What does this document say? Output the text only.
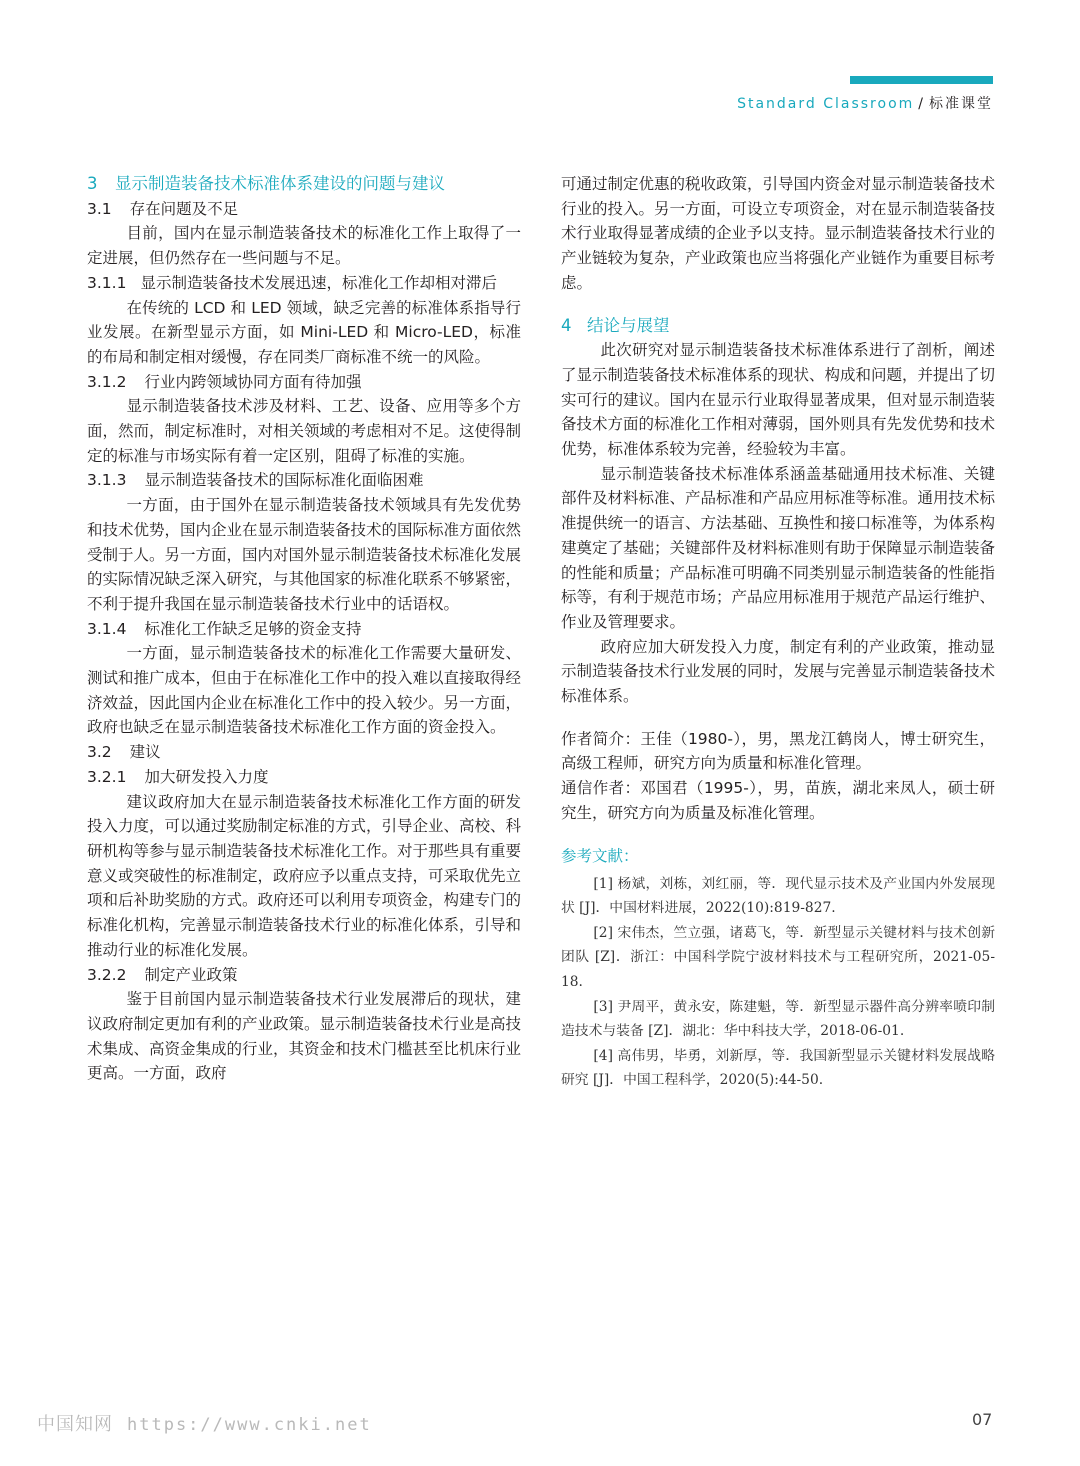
Standard Classroom / 标准课堂

3 显示制造装备技术标准体系建设的问题与建议

3.1 存在问题及不足

目前，国内在显示制造装备技术的标准化工作上取得了一定进展，但仍然存在一些问题与不足。

3.1.1 显示制造装备技术发展迅速，标准化工作却相对滞后

在传统的 LCD 和 LED 领域，缺乏完善的标准体系指导行业发展。在新型显示方面，如 Mini-LED 和 Micro-LED，标准的布局和制定相对缓慢，存在同类厂商标准不统一的风险。

3.1.2 行业内跨领域协同方面有待加强

显示制造装备技术涉及材料、工艺、设备、应用等多个方面，然而，制定标准时，对相关领域的考虑相对不足。这使得制定的标准与市场实际有着一定区别，阻碍了标准的实施。

3.1.3 显示制造装备技术的国际标准化面临困难

一方面，由于国外在显示制造装备技术领域具有先发优势和技术优势，国内企业在显示制造装备技术的国际标准方面依然受制于人。另一方面，国内对国外显示制造装备技术标准化发展的实际情况缺乏深入研究，与其他国家的标准化联系不够紧密，不利于提升我国在显示制造装备技术行业中的话语权。

3.1.4 标准化工作缺乏足够的资金支持

一方面，显示制造装备技术的标准化工作需要大量研发、测试和推广成本，但由于在标准化工作中的投入难以直接取得经济效益，因此国内企业在标准化工作中的投入较少。另一方面，政府也缺乏在显示制造装备技术标准化工作方面的资金投入。

3.2 建议

3.2.1 加大研发投入力度

建议政府加大在显示制造装备技术标准化工作方面的研发投入力度，可以通过奖励制定标准的方式，引导企业、高校、科研机构等参与显示制造装备技术标准化工作。对于那些具有重要意义或突破性的标准制定，政府应予以重点支持，可采取优先立项和后补助奖励的方式。政府还可以利用专项资金，构建专门的标准化机构，完善显示制造装备技术行业的标准化体系，引导和推动行业的标准化发展。

3.2.2 制定产业政策

鉴于目前国内显示制造装备技术行业发展滞后的现状，建议政府制定更加有利的产业政策。显示制造装备技术行业是高技术集成、高资金集成的行业，其资金和技术门槛甚至比机床行业更高。一方面，政府

可通过制定优惠的税收政策，引导国内资金对显示制造装备技术行业的投入。另一方面，可设立专项资金，对在显示制造装备技术行业取得显著成绩的企业予以支持。显示制造装备技术行业的产业链较为复杂，产业政策也应当将强化产业链作为重要目标考虑。

4 结论与展望

此次研究对显示制造装备技术标准体系进行了剖析，阐述了显示制造装备技术标准体系的现状、构成和问题，并提出了切实可行的建议。国内在显示行业取得显著成果，但对显示制造装备技术方面的标准化工作相对薄弱，国外则具有先发优势和技术优势，标准体系较为完善，经验较为丰富。

显示制造装备技术标准体系涵盖基础通用技术标准、关键部件及材料标准、产品标准和产品应用标准等标准。通用技术标准提供统一的语言、方法基础、互换性和接口标准等，为体系构建奠定了基础；关键部件及材料标准则有助于保障显示制造装备的性能和质量；产品标准可明确不同类别显示制造装备的性能指标等，有利于规范市场；产品应用标准用于规范产品运行维护、作业及管理要求。

政府应加大研发投入力度，制定有利的产业政策，推动显示制造装备技术行业发展的同时，发展与完善显示制造装备技术标准体系。

作者简介：王佳（1980-），男，黑龙江鹤岗人，博士研究生，高级工程师，研究方向为质量和标准化管理。

通信作者：邓国君（1995-），男，苗族，湖北来凤人，硕士研究生，研究方向为质量及标准化管理。

参考文献：

[1] 杨斌，刘栋，刘红丽，等．现代显示技术及产业国内外发展现状 [J]．中国材料进展，2022(10):819-827.

[2] 宋伟杰，竺立强，诸葛飞，等．新型显示关键材料与技术创新团队 [Z]．浙江：中国科学院宁波材料技术与工程研究所，2021-05-18.

[3] 尹周平，黄永安，陈建魁，等．新型显示器件高分辨率喷印制造技术与装备 [Z]．湖北：华中科技大学，2018-06-01.

[4] 高伟男，毕勇，刘新厚，等．我国新型显示关键材料发展战略研究 [J]．中国工程科学，2020(5):44-50.

中国知网 https://www.cnki.net	07
